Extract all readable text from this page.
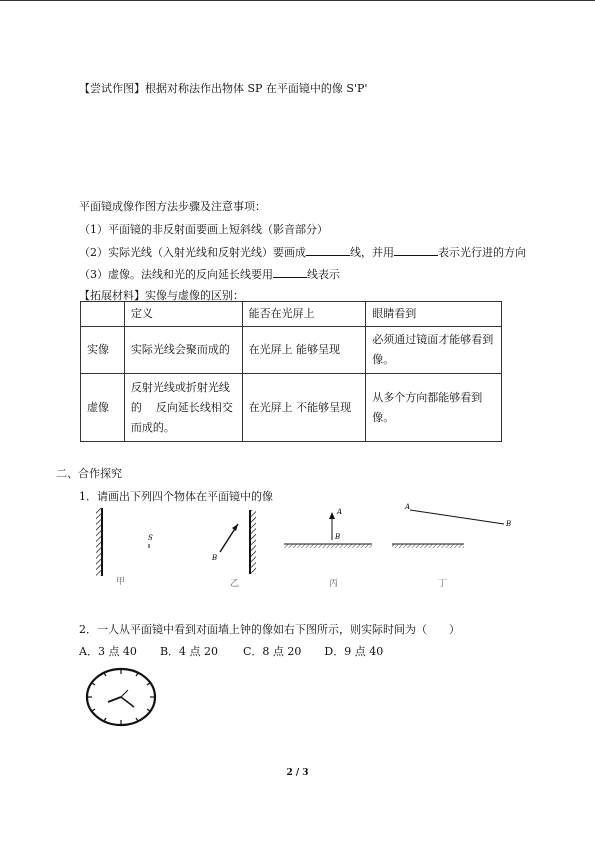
【尝试作图】根据对称法作出物体 SP 在平面镜中的像 S'P'
平面镜成像作图方法步骤及注意事项：
（1）平面镜的非反射面要画上短斜线（影音部分）
（2）实际光线（入射光线和反射光线）要画成	线，并用	表示光行进的方向
（3）虚像。法线和光的反向延长线要用	线表示
【拓展材料】实像与虚像的区别：
	定义	能否在光屏上	眼睛看到
实像	实际光线会聚而成的	在光屏上 能够呈现	必须通过镜面才能够看到像。
虚像	反射光线或折射光线的    反向延长线相交而成的。	在光屏上 不能够呈现	从多个方向都能够看到像。
二、合作探究
1．请画出下列四个物体在平面镜中的像
S
甲
B
乙
A
B
丙
A
B
丁
2．一人从平面镜中看到对面墙上钟的像如右下图所示，则实际时间为（　　）
A．3 点 40 B．4 点 20 C．8 点 20 D．9 点 40
2 / 3
